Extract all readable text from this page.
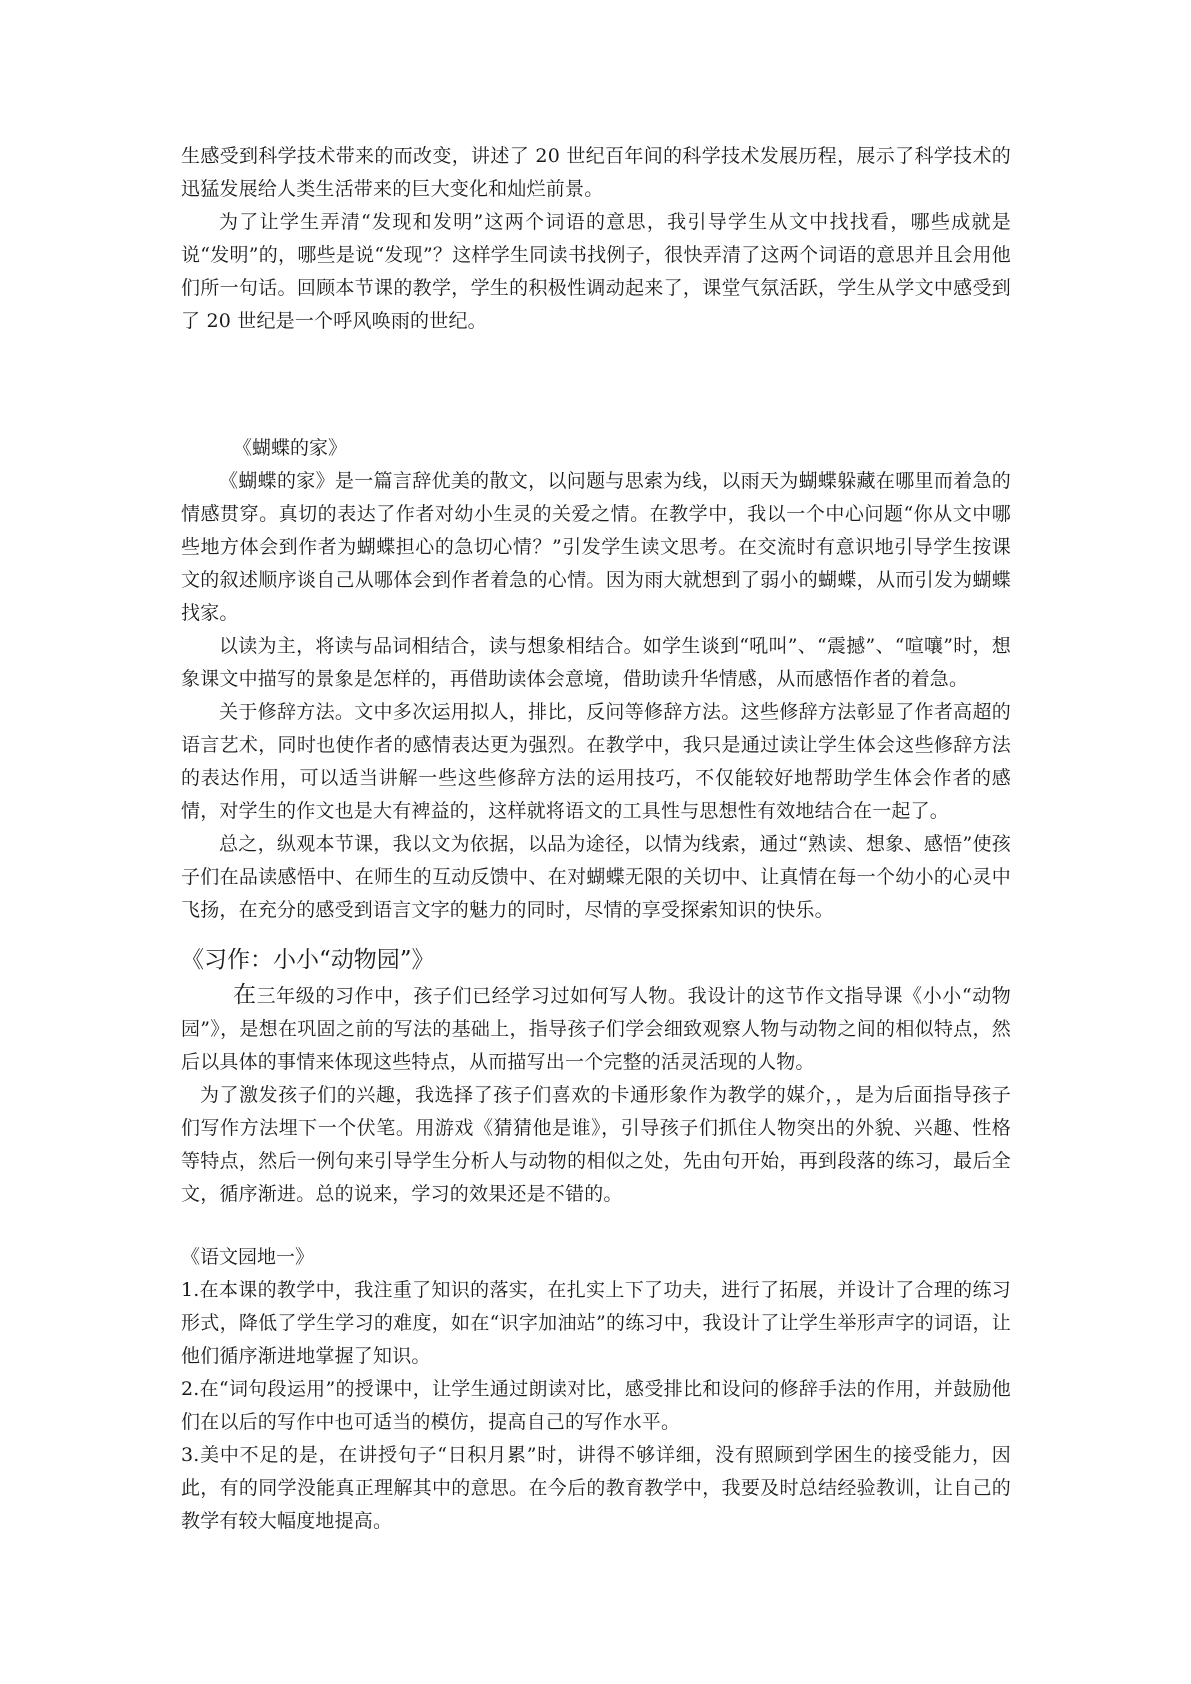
生感受到科学技术带来的而改变，讲述了 20 世纪百年间的科学技术发展历程，展示了科学技术的迅猛发展给人类生活带来的巨大变化和灿烂前景。

为了让学生弄清“发现和发明”这两个词语的意思，我引导学生从文中找找看，哪些成就是说“发明”的，哪些是说“发现”？这样学生同读书找例子，很快弄清了这两个词语的意思并且会用他们所一句话。回顾本节课的教学，学生的积极性调动起来了，课堂气氛活跃，学生从学文中感受到了 20 世纪是一个呼风唤雨的世纪。

《蝴蝶的家》

《蝴蝶的家》是一篇言辞优美的散文，以问题与思索为线，以雨天为蝴蝶躲藏在哪里而着急的情感贯穿。真切的表达了作者对幼小生灵的关爱之情。在教学中，我以一个中心问题“你从文中哪些地方体会到作者为蝴蝶担心的急切心情？”引发学生读文思考。在交流时有意识地引导学生按课文的叙述顺序谈自己从哪体会到作者着急的心情。因为雨大就想到了弱小的蝴蝶，从而引发为蝴蝶找家。

以读为主，将读与品词相结合，读与想象相结合。如学生谈到“吼叫”、“震撼”、“喧嚷”时，想象课文中描写的景象是怎样的，再借助读体会意境，借助读升华情感，从而感悟作者的着急。

关于修辞方法。文中多次运用拟人，排比，反问等修辞方法。这些修辞方法彰显了作者高超的语言艺术，同时也使作者的感情表达更为强烈。在教学中，我只是通过读让学生体会这些修辞方法的表达作用，可以适当讲解一些这些修辞方法的运用技巧，不仅能较好地帮助学生体会作者的感情，对学生的作文也是大有裨益的，这样就将语文的工具性与思想性有效地结合在一起了。

总之，纵观本节课，我以文为依据，以品为途径，以情为线索，通过“熟读、想象、感悟”使孩子们在品读感悟中、在师生的互动反馈中、在对蝴蝶无限的关切中、让真情在每一个幼小的心灵中飞扬，在充分的感受到语言文字的魅力的同时，尽情的享受探索知识的快乐。

《习作：小小“动物园”》

在三年级的习作中，孩子们已经学习过如何写人物。我设计的这节作文指导课《小小“动物园”》，是想在巩固之前的写法的基础上，指导孩子们学会细致观察人物与动物之间的相似特点，然后以具体的事情来体现这些特点，从而描写出一个完整的活灵活现的人物。

为了激发孩子们的兴趣，我选择了孩子们喜欢的卡通形象作为教学的媒介，，是为后面指导孩子们写作方法埋下一个伏笔。用游戏《猜猜他是谁》，引导孩子们抓住人物突出的外貌、兴趣、性格等特点，然后一例句来引导学生分析人与动物的相似之处，先由句开始，再到段落的练习，最后全文，循序渐进。总的说来，学习的效果还是不错的。

《语文园地一》

1.在本课的教学中，我注重了知识的落实，在扎实上下了功夫，进行了拓展，并设计了合理的练习形式，降低了学生学习的难度，如在“识字加油站”的练习中，我设计了让学生举形声字的词语，让他们循序渐进地掌握了知识。

2.在“词句段运用”的授课中，让学生通过朗读对比，感受排比和设问的修辞手法的作用，并鼓励他们在以后的写作中也可适当的模仿，提高自己的写作水平。

3.美中不足的是，在讲授句子“日积月累”时，讲得不够详细，没有照顾到学困生的接受能力，因此，有的同学没能真正理解其中的意思。在今后的教育教学中，我要及时总结经验教训，让自己的教学有较大幅度地提高。
